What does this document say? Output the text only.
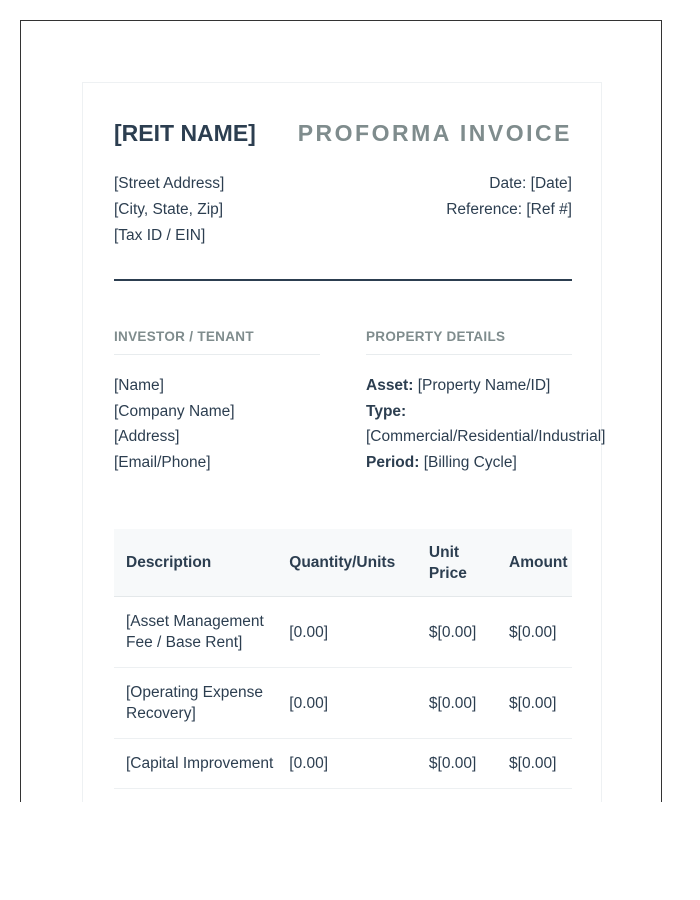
[REIT NAME] PROFORMA INVOICE
[Street Address]
[City, State, Zip]
[Tax ID / EIN]
Date: [Date]
Reference: [Ref #]
INVESTOR / TENANT	PROPERTY DETAILS
[Name]
[Company Name]
[Address]
[Email/Phone]
Asset: [Property Name/ID]
Type:
[Commercial/Residential/Industrial]
Period: [Billing Cycle]
Description	Quantity/Units	Unit Price	Amount
[Asset Management Fee / Base Rent]	[0.00]	$[0.00]	$[0.00]
[Operating Expense Recovery]	[0.00]	$[0.00]	$[0.00]
[Capital Improvement	[0.00]	$[0.00]	$[0.00]
